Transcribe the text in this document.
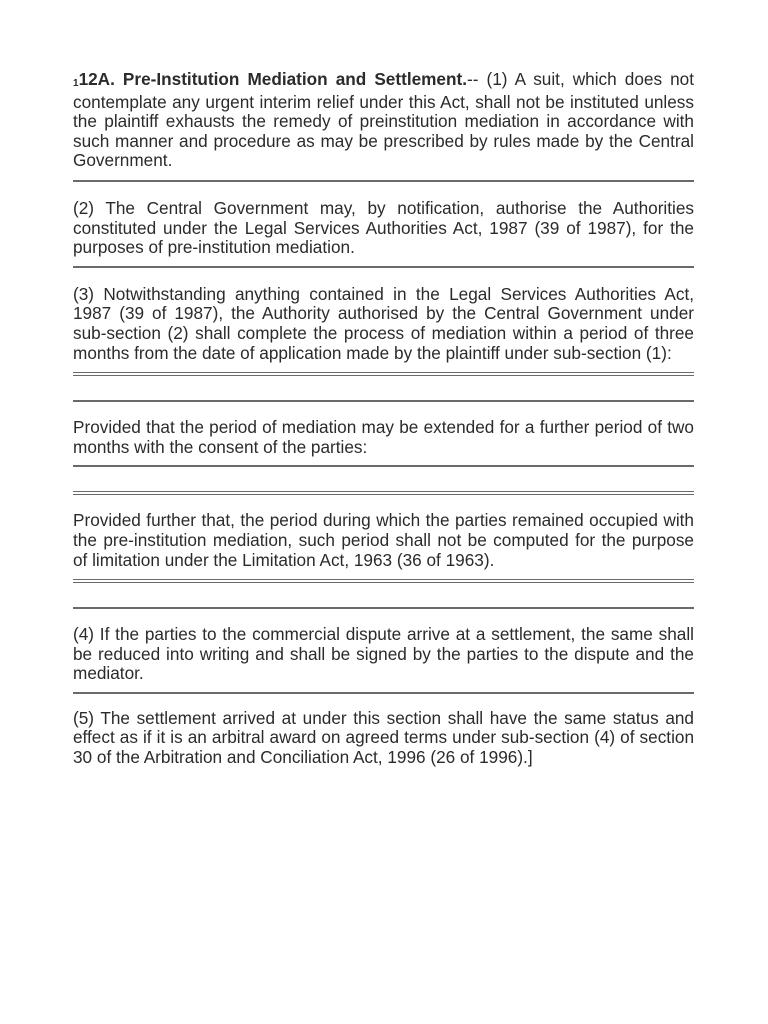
112A. Pre-Institution Mediation and Settlement.-- (1) A suit, which does not contemplate any urgent interim relief under this Act, shall not be instituted unless the plaintiff exhausts the remedy of preinstitution mediation in accordance with such manner and procedure as may be prescribed by rules made by the Central Government.

(2) The Central Government may, by notification, authorise the Authorities constituted under the Legal Services Authorities Act, 1987 (39 of 1987), for the purposes of pre-institution mediation.

(3) Notwithstanding anything contained in the Legal Services Authorities Act, 1987 (39 of 1987), the Authority authorised by the Central Government under sub-section (2) shall complete the process of mediation within a period of three months from the date of application made by the plaintiff under sub-section (1):

Provided that the period of mediation may be extended for a further period of two months with the consent of the parties:

Provided further that, the period during which the parties remained occupied with the pre-institution mediation, such period shall not be computed for the purpose of limitation under the Limitation Act, 1963 (36 of 1963).

(4) If the parties to the commercial dispute arrive at a settlement, the same shall be reduced into writing and shall be signed by the parties to the dispute and the mediator.

(5) The settlement arrived at under this section shall have the same status and effect as if it is an arbitral award on agreed terms under sub-section (4) of section 30 of the Arbitration and Conciliation Act, 1996 (26 of 1996).]
